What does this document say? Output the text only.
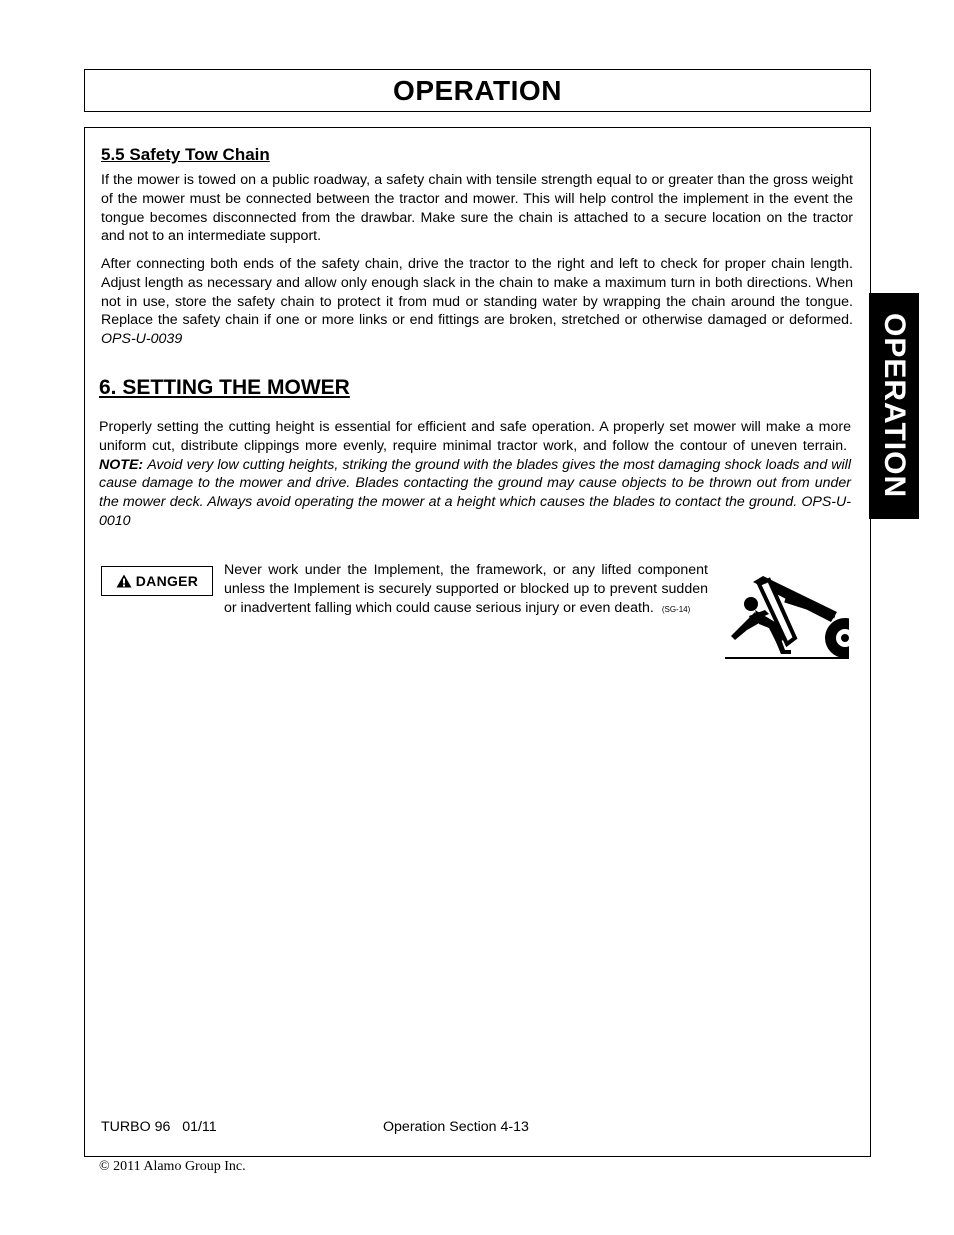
OPERATION
OPERATION
5.5 Safety Tow Chain

If the mower is towed on a public roadway, a safety chain with tensile strength equal to or greater than the gross weight of the mower must be connected between the tractor and mower. This will help control the implement in the event the tongue becomes disconnected from the drawbar. Make sure the chain is attached to a secure location on the tractor and not to an intermediate support.

After connecting both ends of the safety chain, drive the tractor to the right and left to check for proper chain length. Adjust length as necessary and allow only enough slack in the chain to make a maximum turn in both directions. When not in use, store the safety chain to protect it from mud or standing water by wrapping the chain around the tongue. Replace the safety chain if one or more links or end fittings are broken, stretched or otherwise damaged or deformed. OPS-U-0039

6. SETTING THE MOWER

Properly setting the cutting height is essential for efficient and safe operation. A properly set mower will make a more uniform cut, distribute clippings more evenly, require minimal tractor work, and follow the contour of uneven terrain.  NOTE: Avoid very low cutting heights, striking the ground with the blades gives the most damaging shock loads and will cause damage to the mower and drive. Blades contacting the ground may cause objects to be thrown out from under the mower deck. Always avoid operating the mower at a height which causes the blades to contact the ground. OPS-U- 0010

DANGER

Never work under the Implement, the framework, or any lifted component unless the Implement is securely supported or blocked up to prevent sudden or inadvertent falling which could cause serious injury or even death. (SG-14)

TURBO 96   01/11	Operation Section 4-13
© 2011 Alamo Group Inc.
